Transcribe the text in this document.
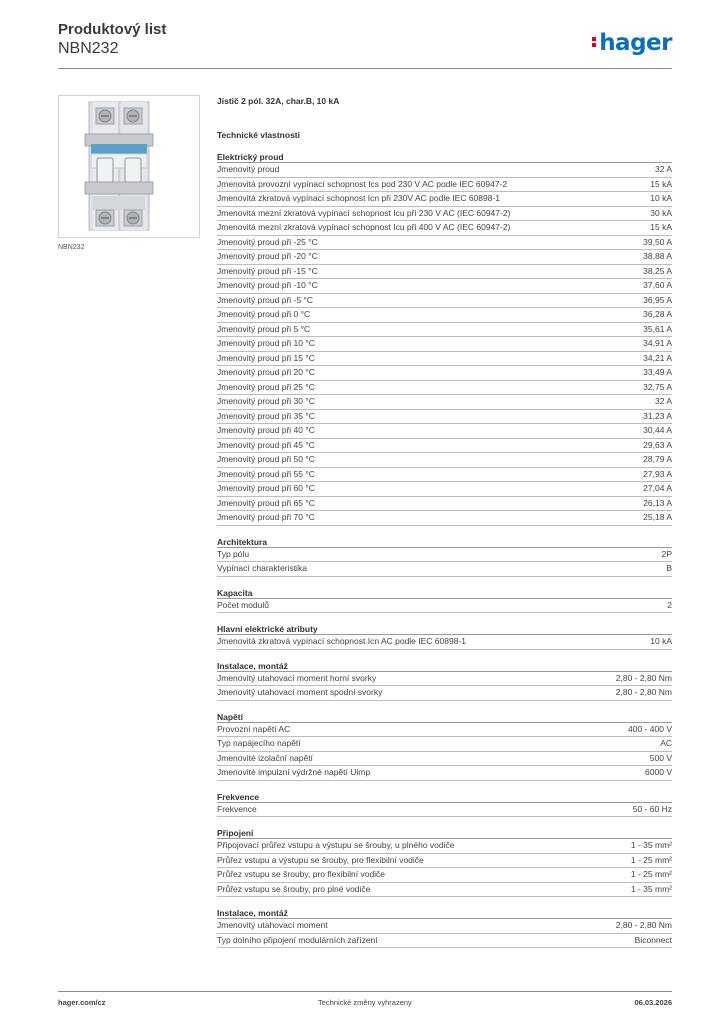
Produktový list
NBN232	hager
NBN232
Jistič 2 pól. 32A, char.B, 10 kA
Technické vlastnosti
Elektrický proud
Jmenovitý proud	32 A
Jmenovitá provozní vypínací schopnost Ics pod 230 V AC podle IEC 60947-2	15 kA
Jmenovitá zkratová vypínací schopnost Icn při 230V AC podle IEC 60898-1	10 kA
Jmenovitá mezní zkratová vypínací schopnost Icu při 230 V AC (IEC 60947-2)	30 kA
Jmenovitá mezní zkratová vypínací schopnost Icu při 400 V AC (IEC 60947-2)	15 kA
Jmenovitý proud při -25 °C	39,50 A
Jmenovitý proud při -20 °C	38,88 A
Jmenovitý proud při -15 °C	38,25 A
Jmenovitý proud při -10 °C	37,60 A
Jmenovitý proud při -5 °C	36,95 A
Jmenovitý proud při 0 °C	36,28 A
Jmenovitý proud při 5 °C	35,61 A
Jmenovitý proud při 10 °C	34,91 A
Jmenovitý proud při 15 °C	34,21 A
Jmenovitý proud při 20 °C	33,49 A
Jmenovitý proud při 25 °C	32,75 A
Jmenovitý proud při 30 °C	32 A
Jmenovitý proud při 35 °C	31,23 A
Jmenovitý proud při 40 °C	30,44 A
Jmenovitý proud při 45 °C	29,63 A
Jmenovitý proud při 50 °C	28,79 A
Jmenovitý proud při 55 °C	27,93 A
Jmenovitý proud při 60 °C	27,04 A
Jmenovitý proud při 65 °C	26,13 A
Jmenovitý proud při 70 °C	25,18 A
Architektura
Typ pólu	2P
Vypínací charakteristika	B
Kapacita
Počet modulů	2
Hlavní elektrické atributy
Jmenovitá zkratová vypínací schopnost Icn AC podle IEC 60898-1	10 kA
Instalace, montáž
Jmenovitý utahovací moment horní svorky	2,80 - 2,80 Nm
Jmenovitý utahovací moment spodní svorky	2,80 - 2,80 Nm
Napětí
Provozní napětí AC	400 - 400 V
Typ napájecího napětí	AC
Jmenovité izolační napětí	500 V
Jmenovité impulzní výdržné napětí Uimp	6000 V
Frekvence
Frekvence	50 - 60 Hz
Připojení
Připojovací průřez vstupu a výstupu se šrouby, u plného vodiče	1 - 35 mm²
Průřez vstupu a výstupu se šrouby, pro flexibilní vodiče	1 - 25 mm²
Průřez vstupu se šrouby, pro flexibilní vodiče	1 - 25 mm²
Průřez vstupu se šrouby, pro plné vodiče	1 - 35 mm²
Instalace, montáž
Jmenovitý utahovací moment	2,80 - 2,80 Nm
Typ dolního připojení modulárních zařízení	Biconnect
hager.com/cz	Technické změny vyhrazeny	06.03.2026
